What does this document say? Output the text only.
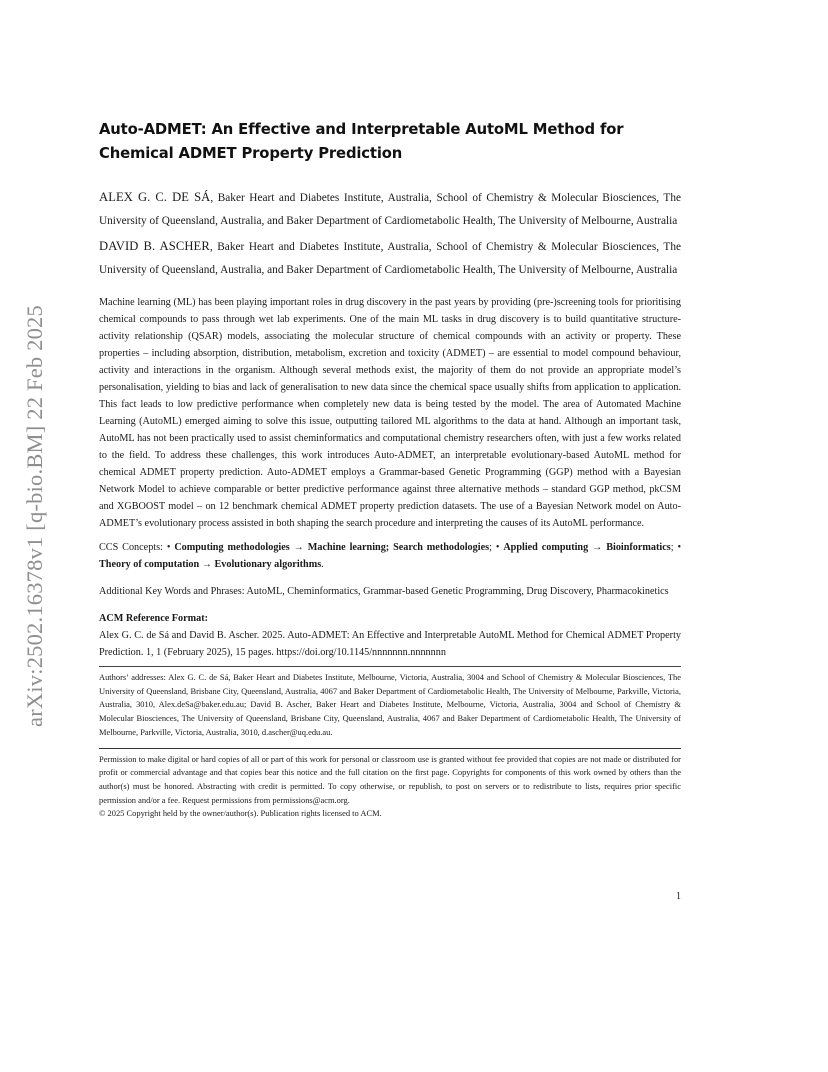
arXiv:2502.16378v1 [q-bio.BM] 22 Feb 2025
Auto-ADMET: An Effective and Interpretable AutoML Method for Chemical ADMET Property Prediction

ALEX G. C. DE SÁ, Baker Heart and Diabetes Institute, Australia, School of Chemistry & Molecular Biosciences, The University of Queensland, Australia, and Baker Department of Cardiometabolic Health, The University of Melbourne, Australia

DAVID B. ASCHER, Baker Heart and Diabetes Institute, Australia, School of Chemistry & Molecular Biosciences, The University of Queensland, Australia, and Baker Department of Cardiometabolic Health, The University of Melbourne, Australia

Machine learning (ML) has been playing important roles in drug discovery in the past years by providing (pre-)screening tools for prioritising chemical compounds to pass through wet lab experiments. One of the main ML tasks in drug discovery is to build quantitative structure-activity relationship (QSAR) models, associating the molecular structure of chemical compounds with an activity or property. These properties – including absorption, distribution, metabolism, excretion and toxicity (ADMET) – are essential to model compound behaviour, activity and interactions in the organism. Although several methods exist, the majority of them do not provide an appropriate model’s personalisation, yielding to bias and lack of generalisation to new data since the chemical space usually shifts from application to application. This fact leads to low predictive performance when completely new data is being tested by the model. The area of Automated Machine Learning (AutoML) emerged aiming to solve this issue, outputting tailored ML algorithms to the data at hand. Although an important task, AutoML has not been practically used to assist cheminformatics and computational chemistry researchers often, with just a few works related to the field. To address these challenges, this work introduces Auto-ADMET, an interpretable evolutionary-based AutoML method for chemical ADMET property prediction. Auto-ADMET employs a Grammar-based Genetic Programming (GGP) method with a Bayesian Network Model to achieve comparable or better predictive performance against three alternative methods – standard GGP method, pkCSM and XGBOOST model – on 12 benchmark chemical ADMET property prediction datasets. The use of a Bayesian Network model on Auto-ADMET’s evolutionary process assisted in both shaping the search procedure and interpreting the causes of its AutoML performance.

CCS Concepts: • Computing methodologies → Machine learning; Search methodologies; • Applied computing → Bioinformatics; • Theory of computation → Evolutionary algorithms.

Additional Key Words and Phrases: AutoML, Cheminformatics, Grammar-based Genetic Programming, Drug Discovery, Pharmacokinetics

ACM Reference Format:

Alex G. C. de Sá and David B. Ascher. 2025. Auto-ADMET: An Effective and Interpretable AutoML Method for Chemical ADMET Property Prediction. 1, 1 (February 2025), 15 pages. https://doi.org/10.1145/nnnnnnn.nnnnnnn

Authors’ addresses: Alex G. C. de Sá, Baker Heart and Diabetes Institute, Melbourne, Victoria, Australia, 3004 and School of Chemistry & Molecular Biosciences, The University of Queensland, Brisbane City, Queensland, Australia, 4067 and Baker Department of Cardiometabolic Health, The University of Melbourne, Parkville, Victoria, Australia, 3010, Alex.deSa@baker.edu.au; David B. Ascher, Baker Heart and Diabetes Institute, Melbourne, Victoria, Australia, 3004 and School of Chemistry & Molecular Biosciences, The University of Queensland, Brisbane City, Queensland, Australia, 4067 and Baker Department of Cardiometabolic Health, The University of Melbourne, Parkville, Victoria, Australia, 3010, d.ascher@uq.edu.au.

Permission to make digital or hard copies of all or part of this work for personal or classroom use is granted without fee provided that copies are not made or distributed for profit or commercial advantage and that copies bear this notice and the full citation on the first page. Copyrights for components of this work owned by others than the author(s) must be honored. Abstracting with credit is permitted. To copy otherwise, or republish, to post on servers or to redistribute to lists, requires prior specific permission and/or a fee. Request permissions from permissions@acm.org.

© 2025 Copyright held by the owner/author(s). Publication rights licensed to ACM.

1
